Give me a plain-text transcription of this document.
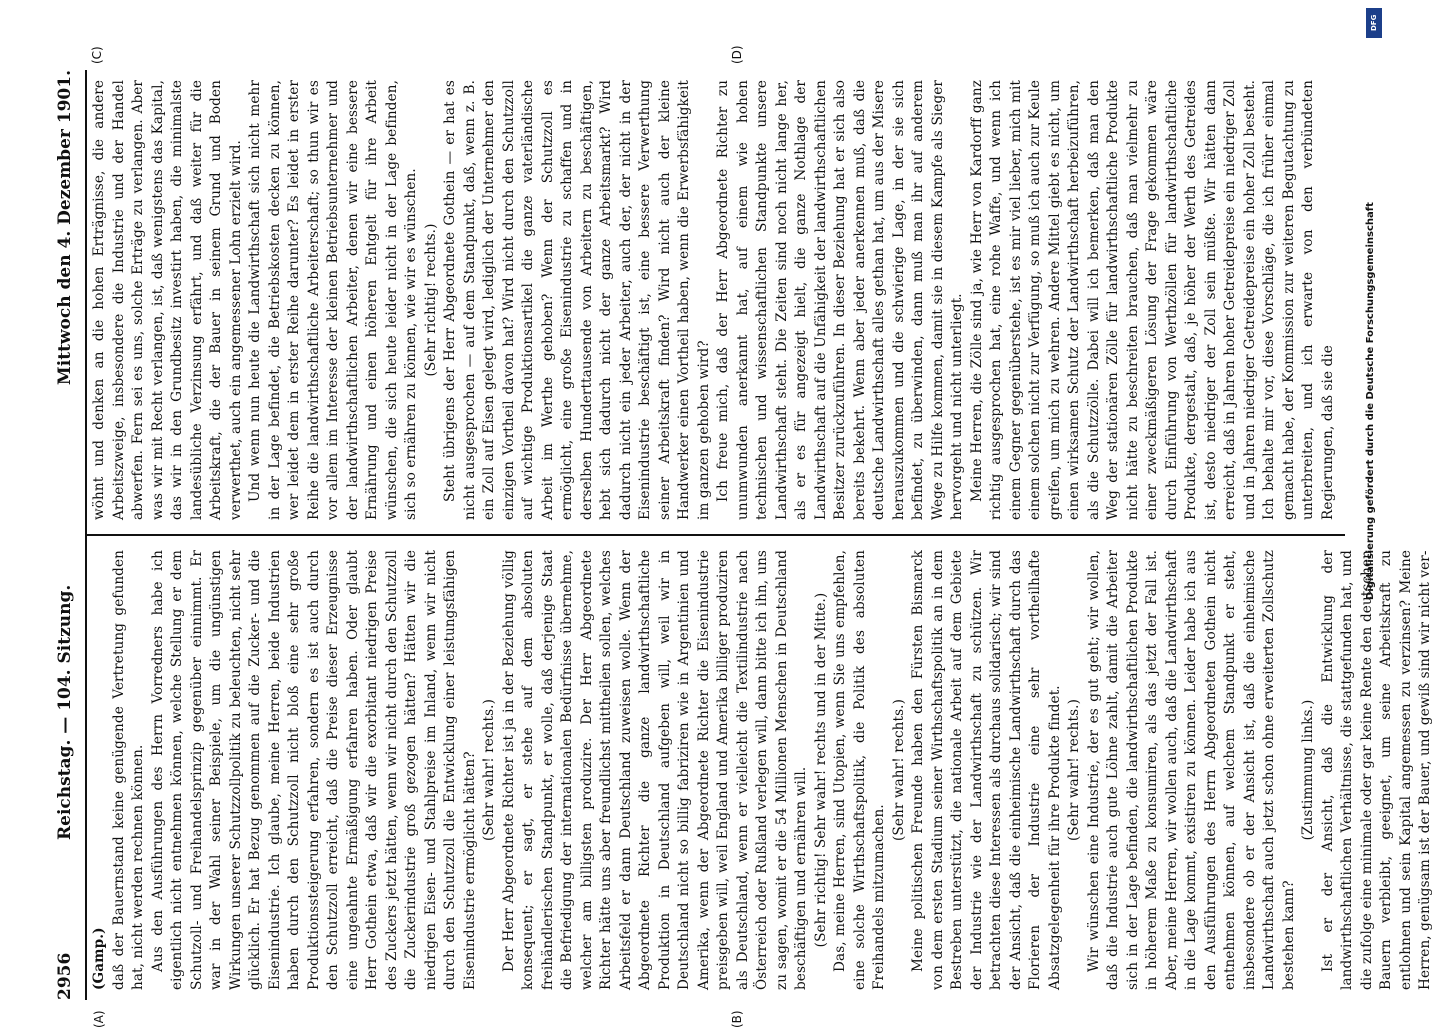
2956
Reichstag. — 104. Sitzung.
Mittwoch den 4. Dezember 1901.
(A)	(B)
(C)	(D)

(Gamp.) daß der Bauernstand keine genügende Vertretung gefunden hat, nicht werden rechnen können. Aus den Ausführungen des Herrn Vorredners habe ich eigentlich nicht entnehmen können, welche Stellung er dem Schutzoll- und Freihandelsprinzip gegenüber einnimmt. Er war in der Wahl seiner Beispiele, um die ungünstigen Wirkungen unserer Schutzzollpolitik zu beleuchten, nicht sehr glücklich. Er hat Bezug genommen auf die Zucker- und die Eisenindustrie. Ich glaube, meine Herren, beide Industrien haben durch den Schutzzoll nicht bloß eine sehr große Produktionssteigerung erfahren, sondern es ist auch durch den Schutzzoll erreicht, daß die Preise dieser Erzeugnisse eine ungeahnte Ermäßigung erfahren haben. Oder glaubt Herr Gothein etwa, daß wir die exorbitant niedrigen Preise des Zuckers jetzt hätten, wenn wir nicht durch den Schutzzoll die Zuckerindustrie groß gezogen hätten? Hätten wir die niedrigen Eisen- und Stahlpreise im Inland, wenn wir nicht durch den Schutzzoll die Entwicklung einer leistungsfähigen Eisenindustrie ermöglicht hätten? (Sehr wahr! rechts.) Der Herr Abgeordnete Richter ist ja in der Beziehung völlig konsequent; er sagt, er stehe auf dem absoluten freihändlerischen Standpunkt, er wolle, daß derjenige Staat die Befriedigung der internationalen Bedürfnisse übernehme, welcher am billigsten produzire. Der Herr Abgeordnete Richter hätte uns aber freundlichst mittheilen sollen, welches Arbeitsfeld er dann Deutschland zuweisen wolle. Wenn der Abgeordnete Richter die ganze landwirthschaftliche Produktion in Deutschland aufgeben will, weil wir in Deutschland nicht so billig fabriziren wie in Argentinien und Amerika, wenn der Abgeordnete Richter die Eisenindustrie preisgeben will, weil England und Amerika billiger produziren als Deutschland, wenn er vielleicht die Textilindustrie nach Österreich oder Rußland verlegen will, dann bitte ich ihn, uns zu sagen, womit er die 54 Millionen Menschen in Deutschland beschäftigen und ernähren will. (Sehr richtig! Sehr wahr! rechts und in der Mitte.) Das, meine Herren, sind Utopien, wenn Sie uns empfehlen, eine solche Wirthschaftspolitik, die Politik des absoluten Freihandels mitzumachen.

(Sehr wahr! rechts.) Meine politischen Freunde haben den Fürsten Bismarck von dem ersten Stadium seiner Wirthschaftspolitik an in dem Bestreben unterstützt, die nationale Arbeit auf dem Gebiete der Industrie wie der Landwirthschaft zu schützen. Wir betrachten diese Interessen als durchaus solidarisch; wir sind der Ansicht, daß die einheimische Landwirthschaft durch das Florieren der Industrie eine sehr vortheilhafte Absatzgelegenheit für ihre Produkte findet. (Sehr wahr! rechts.) Wir wünschen eine Industrie, der es gut geht; wir wollen, daß die Industrie auch gute Löhne zahlt, damit die Arbeiter sich in der Lage befinden, die landwirthschaftlichen Produkte in höherem Maße zu konsumiren, als das jetzt der Fall ist. Aber, meine Herren, wir wollen auch, daß die Landwirthschaft in die Lage kommt, existiren zu können. Leider habe ich aus den Ausführungen des Herrn Abgeordneten Gothein nicht entnehmen können, auf welchem Standpunkt er steht, insbesondere ob er der Ansicht ist, daß die einheimische Landwirthschaft auch jetzt schon ohne erweiterten Zollschutz bestehen kann?

(Zustimmung links.) Ist er der Ansicht, daß die Entwicklung der landwirthschaftlichen Verhältnisse, die stattgefunden hat, und die zufolge eine minimale oder gar keine Rente den deutschen Bauern verbleibt, geeignet, um seine Arbeitskraft zu entlohnen und sein Kapital angemessen zu verzinsen? Meine Herren, genügsam ist der Bauer, und gewiß sind wir nicht ver-

wöhnt und denken an die hohen Erträgnisse, die andere Arbeitszweige, insbesondere die Industrie und der Handel abwerfen. Fern sei es uns, solche Erträge zu verlangen. Aber was wir mit Recht verlangen, ist, daß wenigstens das Kapital, das wir in den Grundbesitz investirt haben, die minimalste landesübliche Verzinsung erfährt, und daß weiter für die Arbeitskraft, die der Bauer in seinem Grund und Boden verwerthet, auch ein angemessener Lohn erzielt wird. Und wenn nun heute die Landwirthschaft sich nicht mehr in der Lage befindet, die Betriebskosten decken zu können, wer leidet dem in erster Reihe darunter? Es leidet in erster Reihe die landwirthschaftliche Arbeiterschaft; so thun wir es vor allem im Interesse der kleinen Betriebsunternehmer und der landwirthschaftlichen Arbeiter, denen wir eine bessere Ernährung und einen höheren Entgelt für ihre Arbeit wünschen, die sich heute leider nicht in der Lage befinden, sich so ernähren zu können, wie wir es wünschen. (Sehr richtig! rechts.) Steht übrigens der Herr Abgeordnete Gothein — er hat es nicht ausgesprochen — auf dem Standpunkt, daß, wenn z. B. ein Zoll auf Eisen gelegt wird, lediglich der Unternehmer den einzigen Vortheil davon hat? Wird nicht durch den Schutzzoll auf wichtige Produktionsartikel die ganze vaterländische Arbeit im Werthe gehoben? Wenn der Schutzzoll es ermöglicht, eine große Eisenindustrie zu schaffen und in derselben Hunderttausende von Arbeitern zu beschäftigen, hebt sich dadurch nicht der ganze Arbeitsmarkt? Wird dadurch nicht ein jeder Arbeiter, auch der, der nicht in der Eisenindustrie beschäftigt ist, eine bessere Verwerthung seiner Arbeitskraft finden? Wird nicht auch der kleine Handwerker einen Vortheil haben, wenn die Erwerbsfähigkeit im ganzen gehoben wird? Ich freue mich, daß der Herr Abgeordnete Richter zu unumwunden anerkannt hat, auf einem wie hohen technischen und wissenschaftlichen Standpunkte unsere Landwirthschaft steht. Die Zeiten sind noch nicht lange her, als er es für angezeigt hielt, die ganze Nothlage der Landwirthschaft auf die Unfähigkeit der landwirthschaftlichen Besitzer zurückzuführen. In dieser Beziehung hat er sich also bereits bekehrt. Wenn aber jeder anerkennen muß, daß die deutsche Landwirthschaft alles gethan hat, um aus der Misere herauszukommen und die schwierige Lage, in der sie sich befindet, zu überwinden, dann muß man ihr auf anderem Wege zu Hilfe kommen, damit sie in diesem Kampfe als Sieger hervorgeht und nicht unterliegt. Meine Herren, die Zölle sind ja, wie Herr von Kardorff ganz richtig ausgesprochen hat, eine rohe Waffe, und wenn ich einem Gegner gegenüberstehe, ist es mir viel lieber, mich mit einem solchen nicht zur Verfügung, so muß ich auch zur Keule greifen, um mich zu wehren. Andere Mittel giebt es nicht, um einen wirksamen Schutz der Landwirthschaft herbeizuführen, als die Schutzzölle. Dabei will ich bemerken, daß man den Weg der stationären Zölle für landwirthschaftliche Produkte nicht hätte zu beschreiten brauchen, daß man vielmehr zu einer zweckmäßigeren Lösung der Frage gekommen wäre durch Einführung von Werthzöllen für landwirthschaftliche Produkte, dergestalt, daß, je höher der Werth des Getreides ist, desto niedriger der Zoll sein müßte. Wir hätten dann erreicht, daß in Jahren hoher Getreidepreise ein niedriger Zoll und in Jahren niedriger Getreidepreise ein hoher Zoll besteht. Ich behalte mir vor, diese Vorschläge, die ich früher einmal gemacht habe, der Kommission zur weiteren Begutachtung zu unterbreiten, und ich erwarte von den verbündeten Regierungen, daß sie die

DFG
Digitalisierung gefördert durch die Deutsche Forschungsgemeinschaft
